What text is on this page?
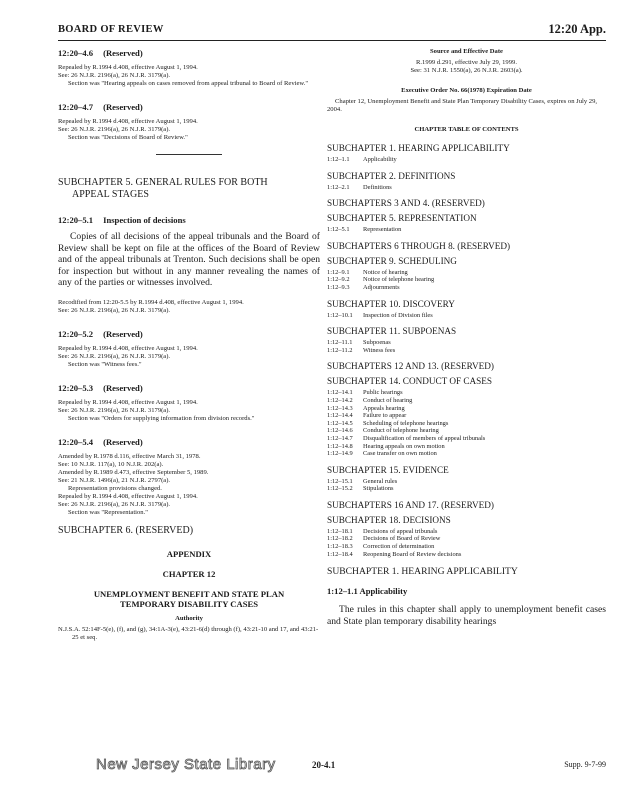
BOARD OF REVIEW	12:20 App.
12:20–4.6 (Reserved)

Repealed by R.1994 d.408, effective August 1, 1994.

See: 26 N.J.R. 2196(a), 26 N.J.R. 3179(a).

Section was "Hearing appeals on cases removed from appeal tribunal to Board of Review."

12:20–4.7 (Reserved)

Repealed by R.1994 d.408, effective August 1, 1994.

See: 26 N.J.R. 2196(a), 26 N.J.R. 3179(a).

Section was "Decisions of Board of Review."

SUBCHAPTER 5. GENERAL RULES FOR BOTH

APPEAL STAGES

12:20–5.1 Inspection of decisions

Copies of all decisions of the appeal tribunals and the Board of Review shall be kept on file at the offices of the Board of Review and of the appeal tribunals at Trenton. Such decisions shall be open for inspection but without in any manner revealing the names of any of the parties or witnesses involved.

Recodified from 12:20-5.5 by R.1994 d.408, effective August 1, 1994.

See: 26 N.J.R. 2196(a), 26 N.J.R. 3179(a).

12:20–5.2 (Reserved)

Repealed by R.1994 d.408, effective August 1, 1994.

See: 26 N.J.R. 2196(a), 26 N.J.R. 3179(a).

Section was "Witness fees."

12:20–5.3 (Reserved)

Repealed by R.1994 d.408, effective August 1, 1994.

See: 26 N.J.R. 2196(a), 26 N.J.R. 3179(a).

Section was "Orders for supplying information from division records."

12:20–5.4 (Reserved)

Amended by R.1978 d.116, effective March 31, 1978.

See: 10 N.J.R. 117(a), 10 N.J.R. 202(a).

Amended by R.1989 d.473, effective September 5, 1989.

See: 21 N.J.R. 1496(a), 21 N.J.R. 2797(a).

Representation provisions changed.

Repealed by R.1994 d.408, effective August 1, 1994.

See: 26 N.J.R. 2196(a), 26 N.J.R. 3179(a).

Section was "Representation."

SUBCHAPTER 6. (RESERVED)

APPENDIX
CHAPTER 12
UNEMPLOYMENT BENEFIT AND STATE PLAN
TEMPORARY DISABILITY CASES
Authority
N.J.S.A. 52:14F-5(e), (f), and (g), 34:1A-3(e), 43:21-6(d) through (f), 43:21-10 and 17, and 43:21-25 et seq.
Source and Effective Date
R.1999 d.291, effective July 29, 1999.
See: 31 N.J.R. 1550(a), 26 N.J.R. 2603(a).
Executive Order No. 66(1978) Expiration Date

Chapter 12, Unemployment Benefit and State Plan Temporary Disability Cases, expires on July 29, 2004.

CHAPTER TABLE OF CONTENTS

SUBCHAPTER 1. HEARING APPLICABILITY

1:12–1.1	Applicability

SUBCHAPTER 2. DEFINITIONS

1:12–2.1	Definitions

SUBCHAPTERS 3 AND 4. (RESERVED)

SUBCHAPTER 5. REPRESENTATION

1:12–5.1	Representation

SUBCHAPTERS 6 THROUGH 8. (RESERVED)

SUBCHAPTER 9. SCHEDULING

1:12–9.1	Notice of hearing
1:12–9.2	Notice of telephone hearing
1:12–9.3	Adjournments

SUBCHAPTER 10. DISCOVERY

1:12–10.1	Inspection of Division files

SUBCHAPTER 11. SUBPOENAS

1:12–11.1	Subpoenas
1:12–11.2	Witness fees

SUBCHAPTERS 12 AND 13. (RESERVED)

SUBCHAPTER 14. CONDUCT OF CASES

1:12–14.1	Public hearings
1:12–14.2	Conduct of hearing
1:12–14.3	Appeals hearing
1:12–14.4	Failure to appear
1:12–14.5	Scheduling of telephone hearings
1:12–14.6	Conduct of telephone hearing
1:12–14.7	Disqualification of members of appeal tribunals
1:12–14.8	Hearing appeals on own motion
1:12–14.9	Case transfer on own motion

SUBCHAPTER 15. EVIDENCE

1:12–15.1	General rules
1:12–15.2	Stipulations

SUBCHAPTERS 16 AND 17. (RESERVED)

SUBCHAPTER 18. DECISIONS

1:12–18.1	Decisions of appeal tribunals
1:12–18.2	Decisions of Board of Review
1:12–18.3	Correction of determination
1:12–18.4	Reopening Board of Review decisions

SUBCHAPTER 1. HEARING APPLICABILITY

1:12–1.1 Applicability

The rules in this chapter shall apply to unemployment benefit cases and State plan temporary disability hearings

New Jersey State Library	20-4.1	Supp. 9-7-99
